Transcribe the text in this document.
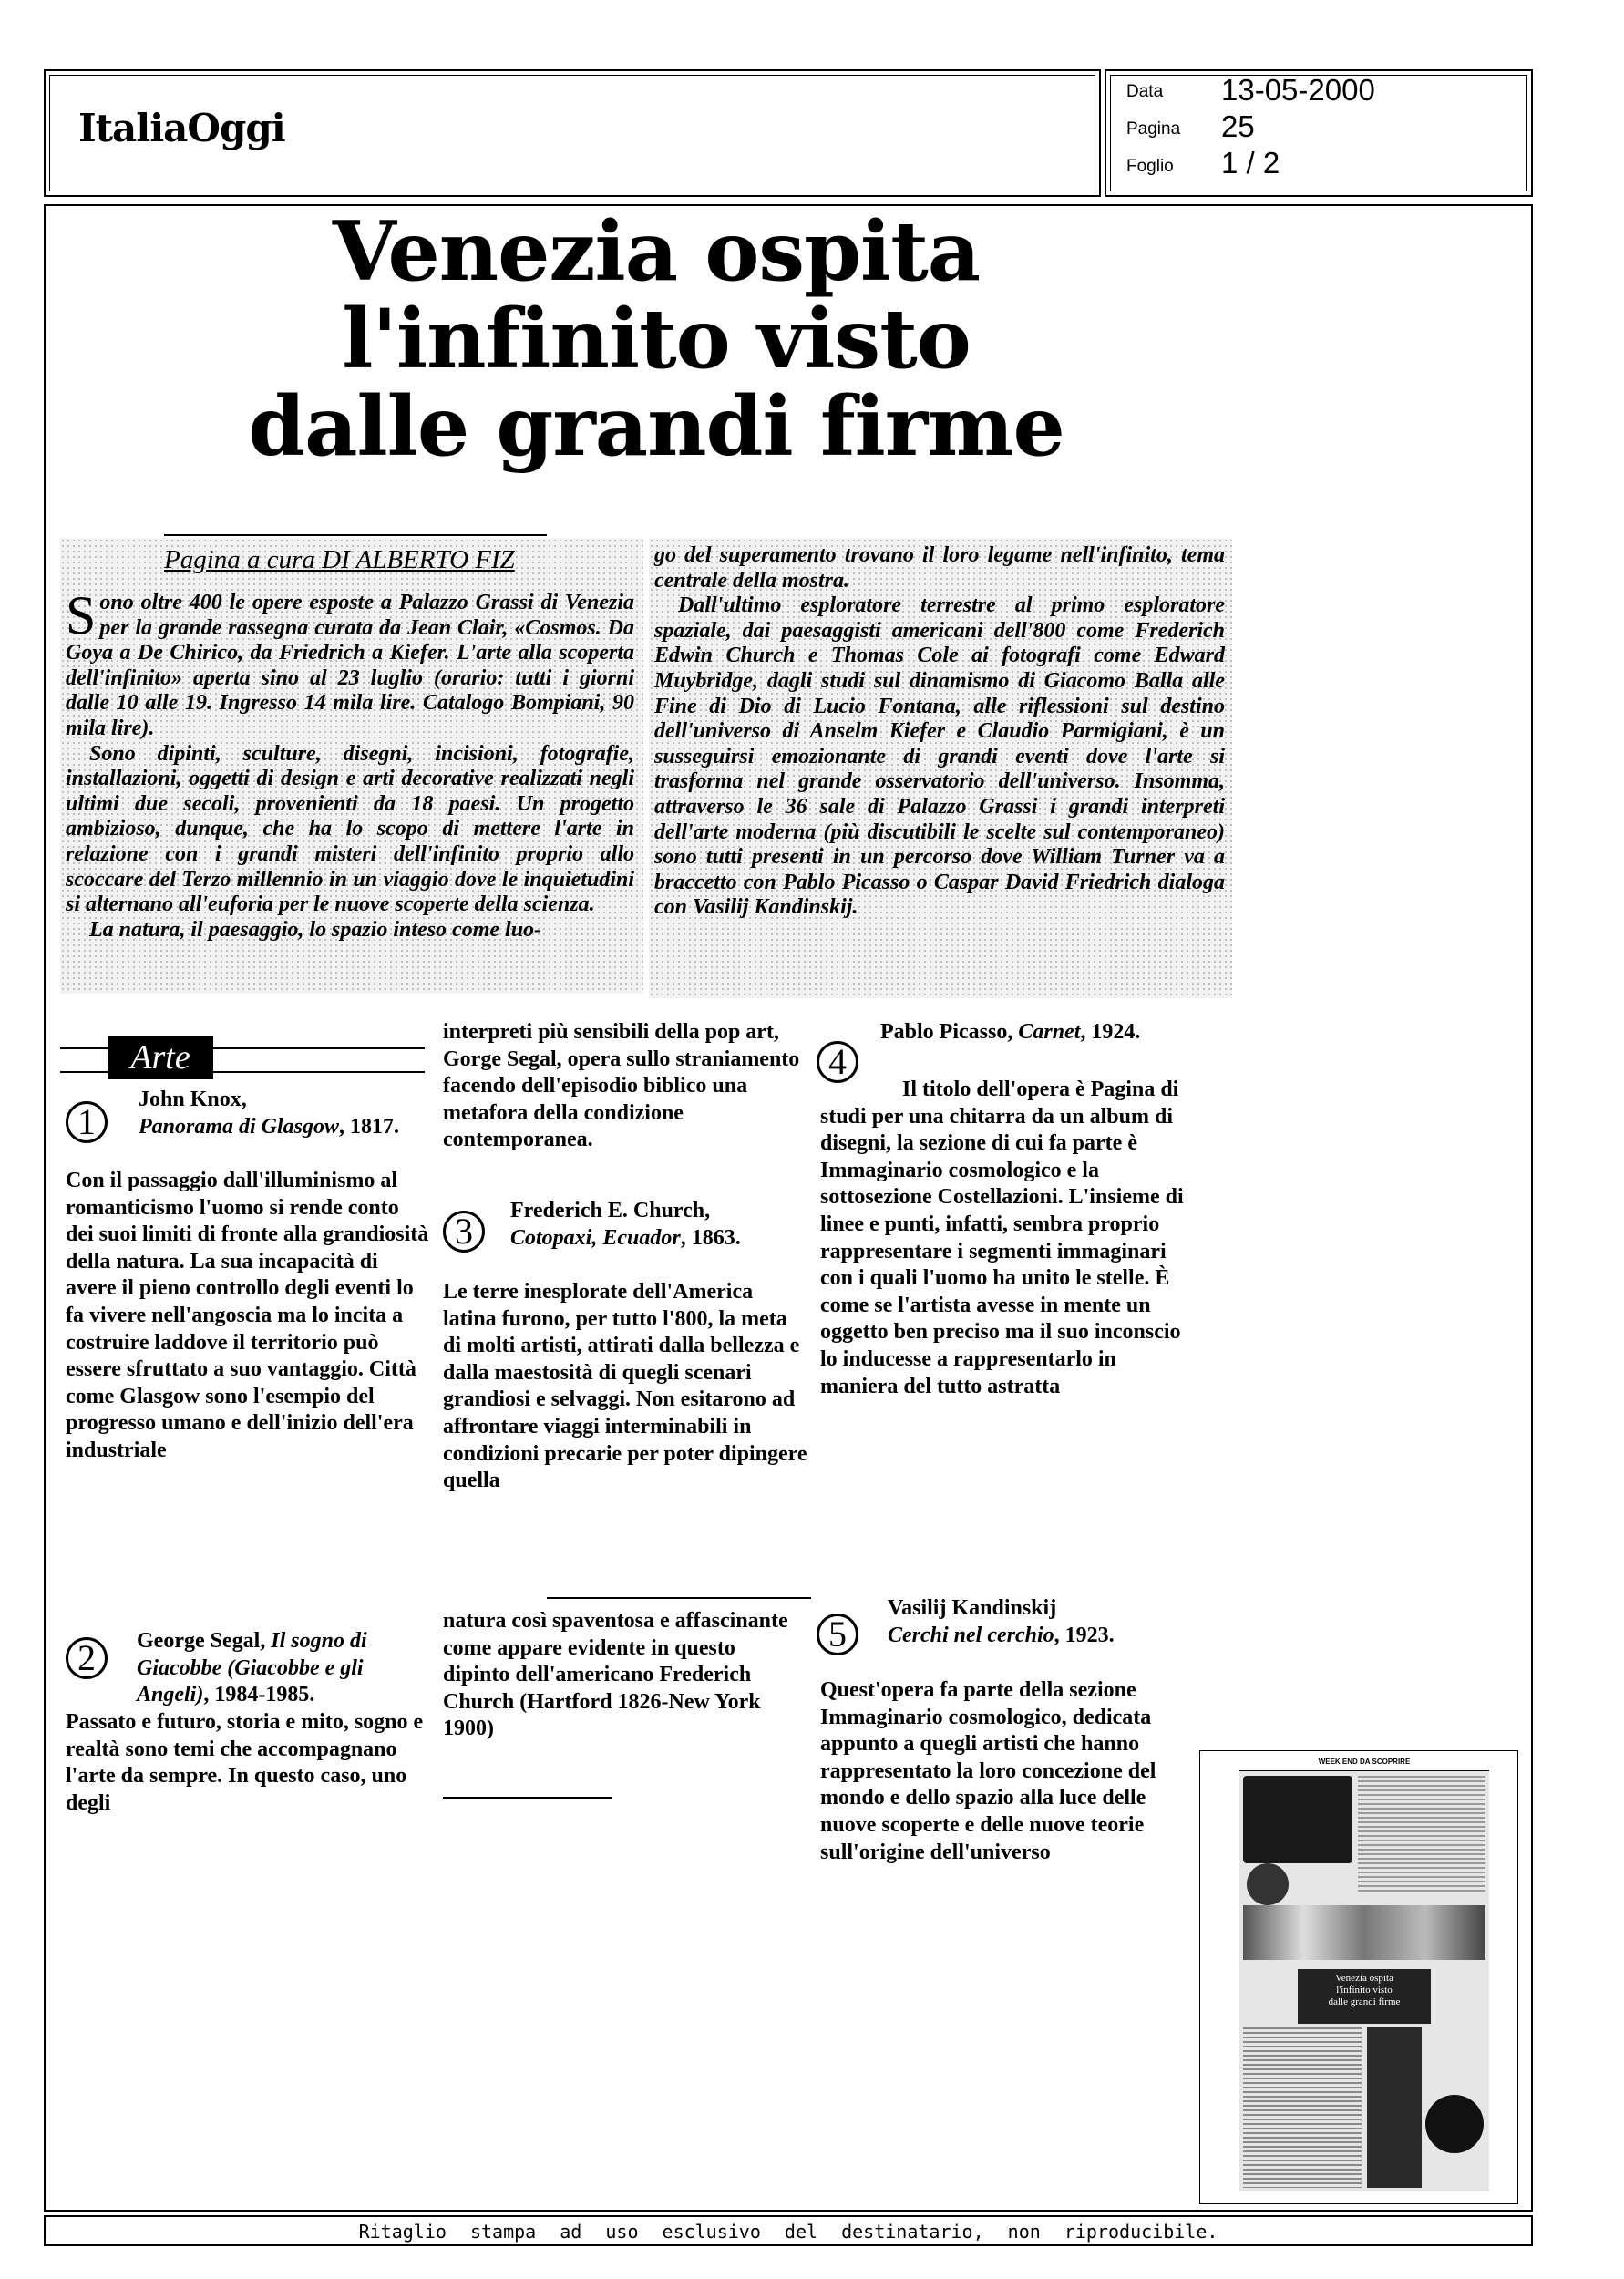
ItaliaOggi
Data 13-05-2000
Pagina 25
Foglio 1 / 2
Venezia ospita
l'infinito visto
dalle grandi firme
Pagina a cura DI ALBERTO FIZ

Sono oltre 400 le opere esposte a Palazzo Grassi di Venezia per la grande rassegna curata da Jean Clair, «Cosmos. Da Goya a De Chirico, da Friedrich a Kiefer. L'arte alla scoperta dell'infinito» aperta sino al 23 luglio (orario: tutti i giorni dalle 10 alle 19. Ingresso 14 mila lire. Catalogo Bompiani, 90 mila lire).

Sono dipinti, sculture, disegni, incisioni, fotografie, installazioni, oggetti di design e arti decorative realizzati negli ultimi due secoli, provenienti da 18 paesi. Un progetto ambizioso, dunque, che ha lo scopo di mettere l'arte in relazione con i grandi misteri dell'infinito proprio allo scoccare del Terzo millennio in un viaggio dove le inquietudini si alternano all'euforia per le nuove scoperte della scienza.

La natura, il paesaggio, lo spazio inteso come luo-

go del superamento trovano il loro legame nell'infinito, tema centrale della mostra.

Dall'ultimo esploratore terrestre al primo esploratore spaziale, dai paesaggisti americani dell'800 come Frederich Edwin Church e Thomas Cole ai fotografi come Edward Muybridge, dagli studi sul dinamismo di Giacomo Balla alle Fine di Dio di Lucio Fontana, alle riflessioni sul destino dell'universo di Anselm Kiefer e Claudio Parmigiani, è un susseguirsi emozionante di grandi eventi dove l'arte si trasforma nel grande osservatorio dell'universo. Insomma, attraverso le 36 sale di Palazzo Grassi i grandi interpreti dell'arte moderna (più discutibili le scelte sul contemporaneo) sono tutti presenti in un percorso dove William Turner va a braccetto con Pablo Picasso o Caspar David Friedrich dialoga con Vasilij Kandinskij.

Arte
1
John Knox,
Panorama di Glasgow, 1817.
Con il passaggio dall'illuminismo al romanticismo l'uomo si rende conto dei suoi limiti di fronte alla grandiosità della natura. La sua incapacità di avere il pieno controllo degli eventi lo fa vivere nell'angoscia ma lo incita a costruire laddove il territorio può essere sfruttato a suo vantaggio. Città come Glasgow sono l'esempio del progresso umano e dell'inizio dell'era industriale
2	George Segal, Il sogno di Giacobbe (Giacobbe e gli Angeli), 1984-1985.
Passato e futuro, storia e mito, sogno e realtà sono temi che accompagnano l'arte da sempre. In questo caso, uno degli
interpreti più sensibili della pop art, Gorge Segal, opera sullo straniamento facendo dell'episodio biblico una metafora della condizione contemporanea.
3	Frederich E. Church,
Cotopaxi, Ecuador, 1863.
Le terre inesplorate dell'America latina furono, per tutto l'800, la meta di molti artisti, attirati dalla bellezza e dalla maestosità di quegli scenari grandiosi e selvaggi. Non esitarono ad affrontare viaggi interminabili in condizioni precarie per poter dipingere quella
natura così spaventosa e affascinante come appare evidente in questo dipinto dell'americano Frederich Church (Hartford 1826-New York 1900)
4
Pablo Picasso, Carnet, 1924.
Il titolo dell'opera è Pagina di studi per una chitarra da un album di disegni, la sezione di cui fa parte è Immaginario cosmologico e la sottosezione Costellazioni. L'insieme di linee e punti, infatti, sembra proprio rappresentare i segmenti immaginari con i quali l'uomo ha unito le stelle. È come se l'artista avesse in mente un oggetto ben preciso ma il suo inconscio lo inducesse a rappresentarlo in maniera del tutto astratta
5
Vasilij Kandinskij
Cerchi nel cerchio, 1923.
Quest'opera fa parte della sezione Immaginario cosmologico, dedicata appunto a quegli artisti che hanno rappresentato la loro concezione del mondo e dello spazio alla luce delle nuove scoperte e delle nuove teorie sull'origine dell'universo
WEEK END DA SCOPRIRE
Venezia ospita
l'infinito visto
dalle grandi firme
Ritaglio stampa ad uso esclusivo del destinatario, non riproducibile.
